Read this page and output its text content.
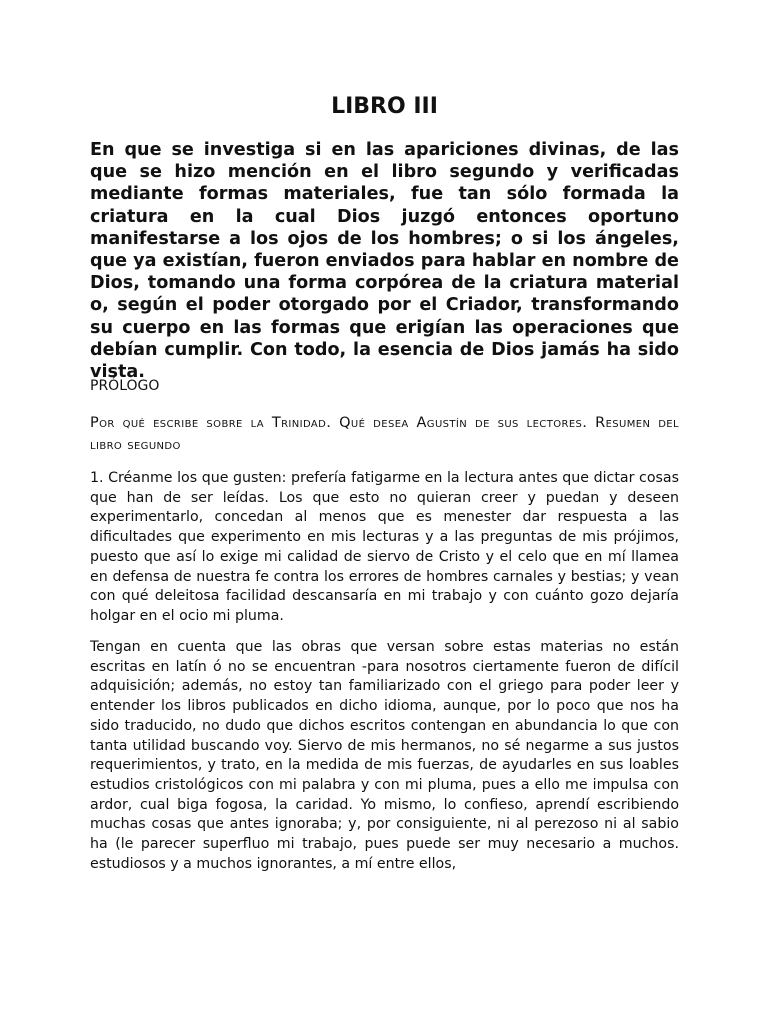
LIBRO III

En que se investiga si en las apariciones divinas, de las que se hizo mención en el libro segundo y verificadas mediante formas materiales, fue tan sólo formada la criatura en la cual Dios juzgó entonces oportuno manifestarse a los ojos de los hombres; o si los ángeles, que ya existían, fueron enviados para hablar en nombre de Dios, tomando una forma corpórea de la criatura material o, según el poder otorgado por el Criador, transformando su cuerpo en las formas que erigían las operaciones que debían cumplir. Con todo, la esencia de Dios jamás ha sido vista.

PRÓLOGO

Por qué escribe sobre la Trinidad. Qué desea Agustín de sus lectores. Resumen del libro segundo

1. Créanme los que gusten: prefería fatigarme en la lectura antes que dictar cosas que han de ser leídas. Los que esto no quieran creer y puedan y deseen experimentarlo, concedan al menos que es menester dar respuesta a las dificultades que experimento en mis lecturas y a las preguntas de mis prójimos, puesto que así lo exige mi calidad de siervo de Cristo y el celo que en mí llamea en defensa de nuestra fe contra los errores de hombres carnales y bestias; y vean con qué deleitosa facilidad descansaría en mi trabajo y con cuánto gozo dejaría holgar en el ocio mi pluma.

Tengan en cuenta que las obras que versan sobre estas materias no están escritas en latín ó no se encuentran -para nosotros ciertamente fueron de difícil adquisición; además, no estoy tan familiarizado con el griego para poder leer y entender los libros publicados en dicho idioma, aunque, por lo poco que nos ha sido traducido, no dudo que dichos escritos contengan en abundancia lo que con tanta utilidad buscando voy. Siervo de mis hermanos, no sé negarme a sus justos requerimientos, y trato, en la medida de mis fuerzas, de ayudarles en sus loables estudios cristológicos con mi palabra y con mi pluma, pues a ello me impulsa con ardor, cual biga fogosa, la caridad. Yo mismo, lo confieso, aprendí escribiendo muchas cosas que antes ignoraba; y, por consiguiente, ni al perezoso ni al sabio ha (le parecer superfluo mi trabajo, pues puede ser muy necesario a muchos. estudiosos y a muchos ignorantes, a mí entre ellos,
